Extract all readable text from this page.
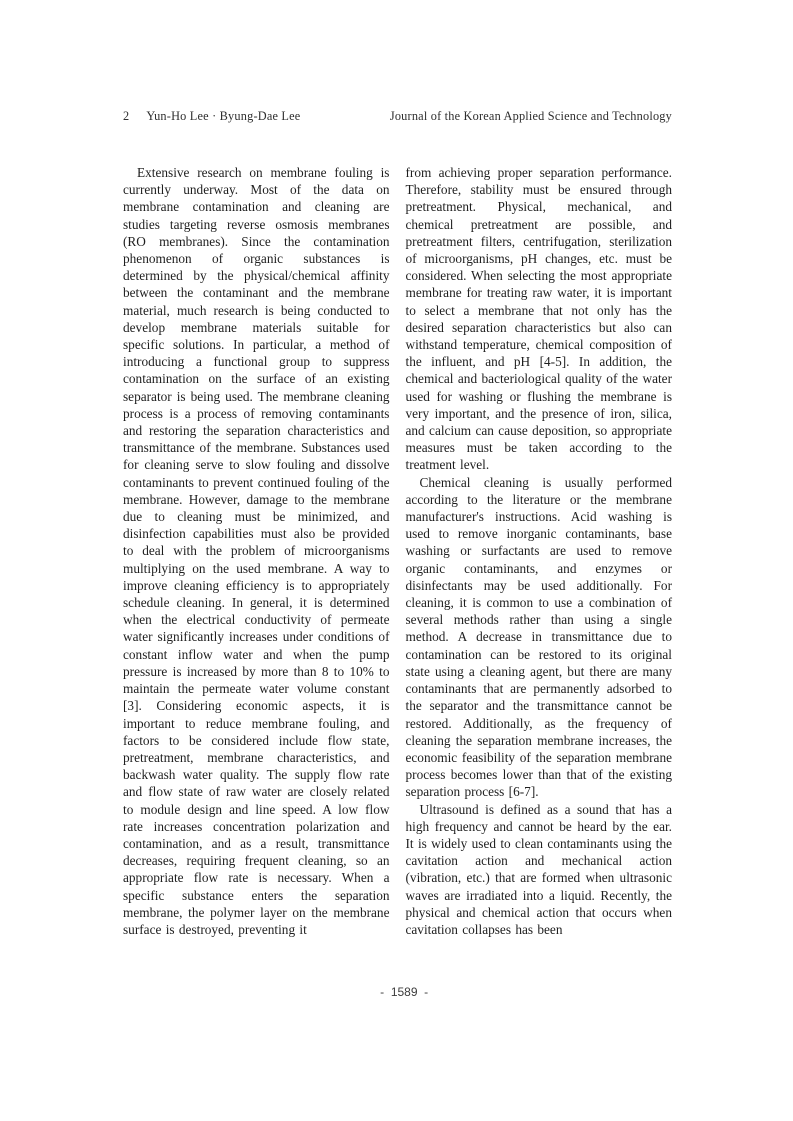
2 Yun-Ho Lee · Byung-Dae Lee	Journal of the Korean Applied Science and Technology

Extensive research on membrane fouling is currently underway. Most of the data on membrane contamination and cleaning are studies targeting reverse osmosis membranes (RO membranes). Since the contamination phenomenon of organic substances is determined by the physical/chemical affinity between the contaminant and the membrane material, much research is being conducted to develop membrane materials suitable for specific solutions. In particular, a method of introducing a functional group to suppress contamination on the surface of an existing separator is being used. The membrane cleaning process is a process of removing contaminants and restoring the separation characteristics and transmittance of the membrane. Substances used for cleaning serve to slow fouling and dissolve contaminants to prevent continued fouling of the membrane. However, damage to the membrane due to cleaning must be minimized, and disinfection capabilities must also be provided to deal with the problem of microorganisms multiplying on the used membrane. A way to improve cleaning efficiency is to appropriately schedule cleaning. In general, it is determined when the electrical conductivity of permeate water significantly increases under conditions of constant inflow water and when the pump pressure is increased by more than 8 to 10% to maintain the permeate water volume constant [3]. Considering economic aspects, it is important to reduce membrane fouling, and factors to be considered include flow state, pretreatment, membrane characteristics, and backwash water quality. The supply flow rate and flow state of raw water are closely related to module design and line speed. A low flow rate increases concentration polarization and contamination, and as a result, transmittance decreases, requiring frequent cleaning, so an appropriate flow rate is necessary. When a specific substance enters the separation membrane, the polymer layer on the membrane surface is destroyed, preventing it

from achieving proper separation performance. Therefore, stability must be ensured through pretreatment. Physical, mechanical, and chemical pretreatment are possible, and pretreatment filters, centrifugation, sterilization of microorganisms, pH changes, etc. must be considered. When selecting the most appropriate membrane for treating raw water, it is important to select a membrane that not only has the desired separation characteristics but also can withstand temperature, chemical composition of the influent, and pH [4-5]. In addition, the chemical and bacteriological quality of the water used for washing or flushing the membrane is very important, and the presence of iron, silica, and calcium can cause deposition, so appropriate measures must be taken according to the treatment level.

Chemical cleaning is usually performed according to the literature or the membrane manufacturer's instructions. Acid washing is used to remove inorganic contaminants, base washing or surfactants are used to remove organic contaminants, and enzymes or disinfectants may be used additionally. For cleaning, it is common to use a combination of several methods rather than using a single method. A decrease in transmittance due to contamination can be restored to its original state using a cleaning agent, but there are many contaminants that are permanently adsorbed to the separator and the transmittance cannot be restored. Additionally, as the frequency of cleaning the separation membrane increases, the economic feasibility of the separation membrane process becomes lower than that of the existing separation process [6-7].

Ultrasound is defined as a sound that has a high frequency and cannot be heard by the ear. It is widely used to clean contaminants using the cavitation action and mechanical action (vibration, etc.) that are formed when ultrasonic waves are irradiated into a liquid. Recently, the physical and chemical action that occurs when cavitation collapses has been

-  1589  -
